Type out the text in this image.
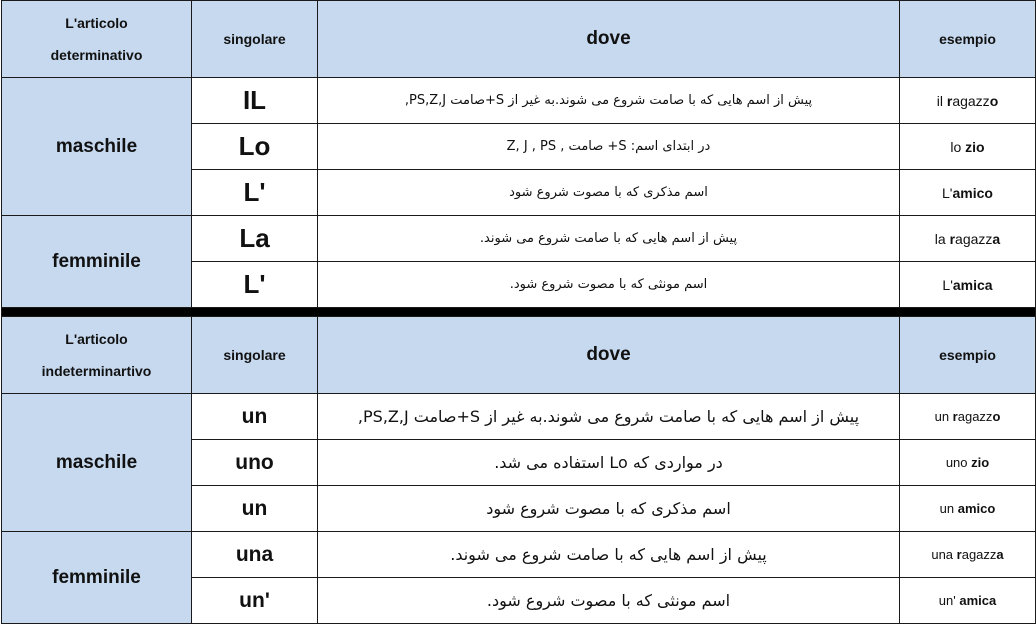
L'articolo
determinativo	singolare	dove	esempio
maschile	IL	پیش از اسم هایی که با صامت شروع می شوند.به غیر از S+صامت PS,Z,J,	il ragazzo
	Lo	در ابتدای اسم: S+ صامت , Z, J , PS	lo zio
	L'	اسم مذکری که با مصوت شروع شود	L'amico
femminile	La	پیش از اسم هایی که با صامت شروع می شوند.	la ragazza
	L'	اسم مونثی که با مصوت شروع شود.	L'amica

L'articolo
indeterminartivo	singolare	dove	esempio
maschile	un	پیش از اسم هایی که با صامت شروع می شوند.به غیر از S+صامت PS,Z,J,	un ragazzo
	uno	در مواردی که Lo استفاده می شد.	uno zio
	un	اسم مذکری که با مصوت شروع شود	un amico
femminile	una	پیش از اسم هایی که با صامت شروع می شوند.	una ragazza
	un'	اسم مونثی که با مصوت شروع شود.	un' amica
